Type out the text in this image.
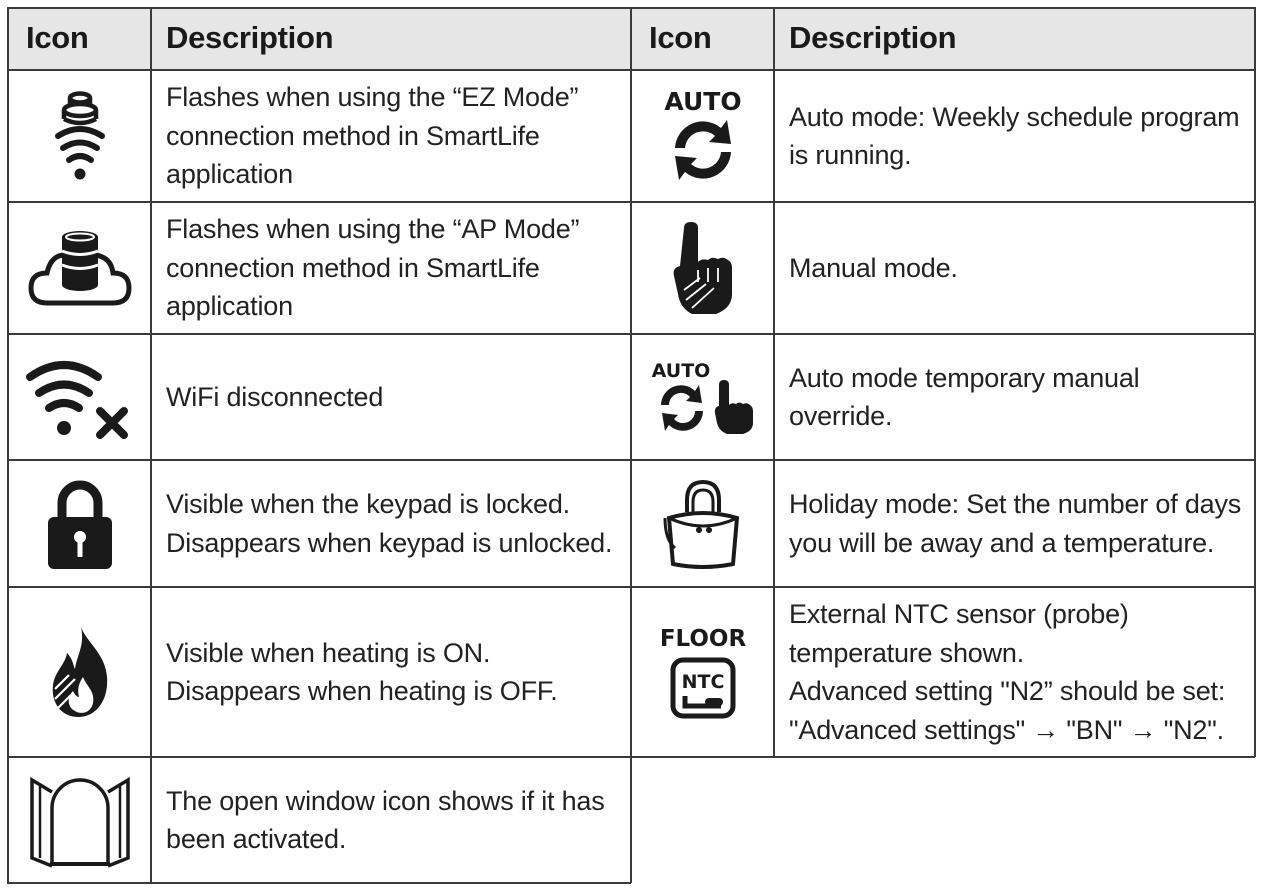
Icon Description	Icon Description
Flashes when using the “EZ Mode”
connection method in SmartLife
application
Flashes when using the “AP Mode”
connection method in SmartLife
application
WiFi disconnected
Visible when the keypad is locked.
Disappears when keypad is unlocked.
Visible when heating is ON.
Disappears when heating is OFF.
The open window icon shows if it has
been activated.
AUTO Auto mode: Weekly schedule program
is running.
Manual mode.
AUTO	Auto mode temporary manual
override.
Holiday mode: Set the number of days
you will be away and a temperature.
FLOOR
NTC
External NTC sensor (probe)
temperature shown.
Advanced setting "N2” should be set:
"Advanced settings" → "BN" → "N2".
